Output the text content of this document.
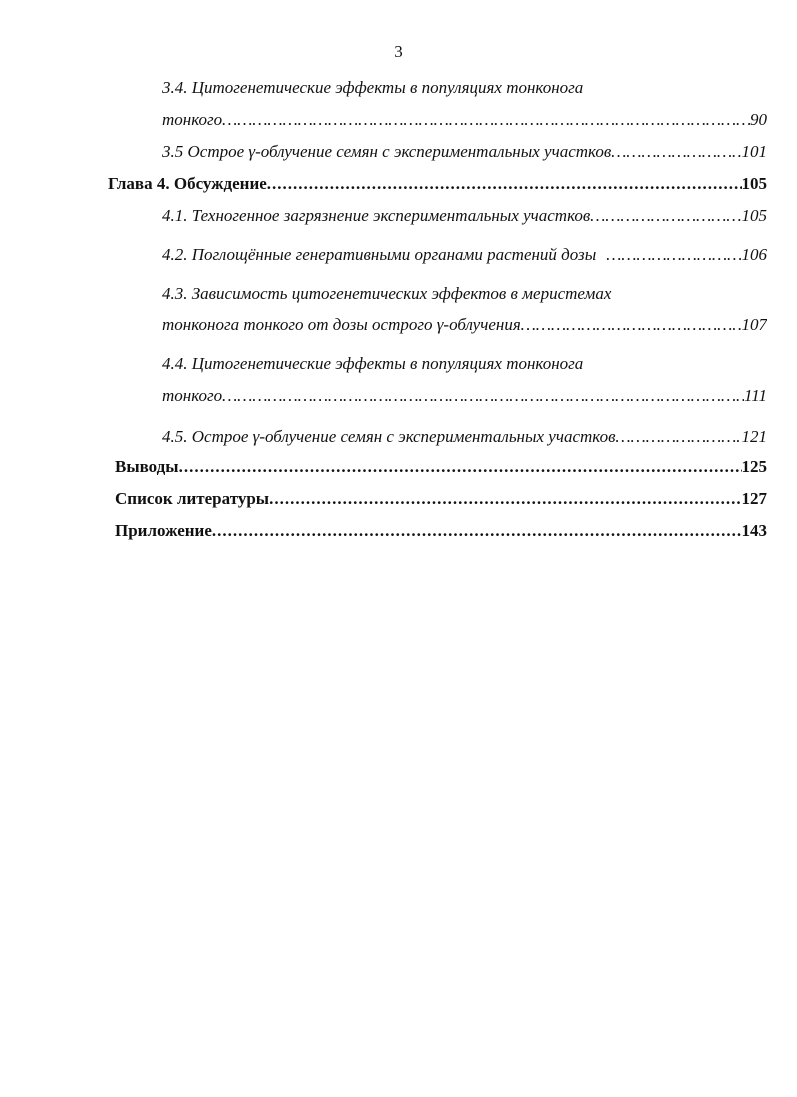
3
3.4. Цитогенетические эффекты в популяциях тонконога
тонкого ……………………………………………………………………………………………………………………………………………………………………………………………………………………	90
3.5 Острое γ-облучение семян с экспериментальных участков ……………………………………………………………………………………………………………………………………………………………………………………………………………………	101
Глава 4. Обсуждение .....	105
4.1. Техногенное загрязнение экспериментальных участков ……………………………………………………………………………………………………………………………………………………………………………………………………………………	105
4.2. Поглощённые генеративными органами растений дозы ……………………………………………………………………………………………………………………………………………………………………………………………………………………	106
4.3. Зависимость цитогенетических эффектов в меристемах
тонконога тонкого от дозы острого γ-облучения ……………………………………………………………………………………………………………………………………………………………………………………………………………………	107
4.4. Цитогенетические эффекты в популяциях тонконога
тонкого ……………………………………………………………………………………………………………………………………………………………………………………………………………………	111
4.5. Острое γ-облучение семян с экспериментальных участков ……………………………………………………………………………………………………………………………………………………………………………………………………………………	121
Выводы .....	125
Список литературы .....	127
Приложение .....	143
